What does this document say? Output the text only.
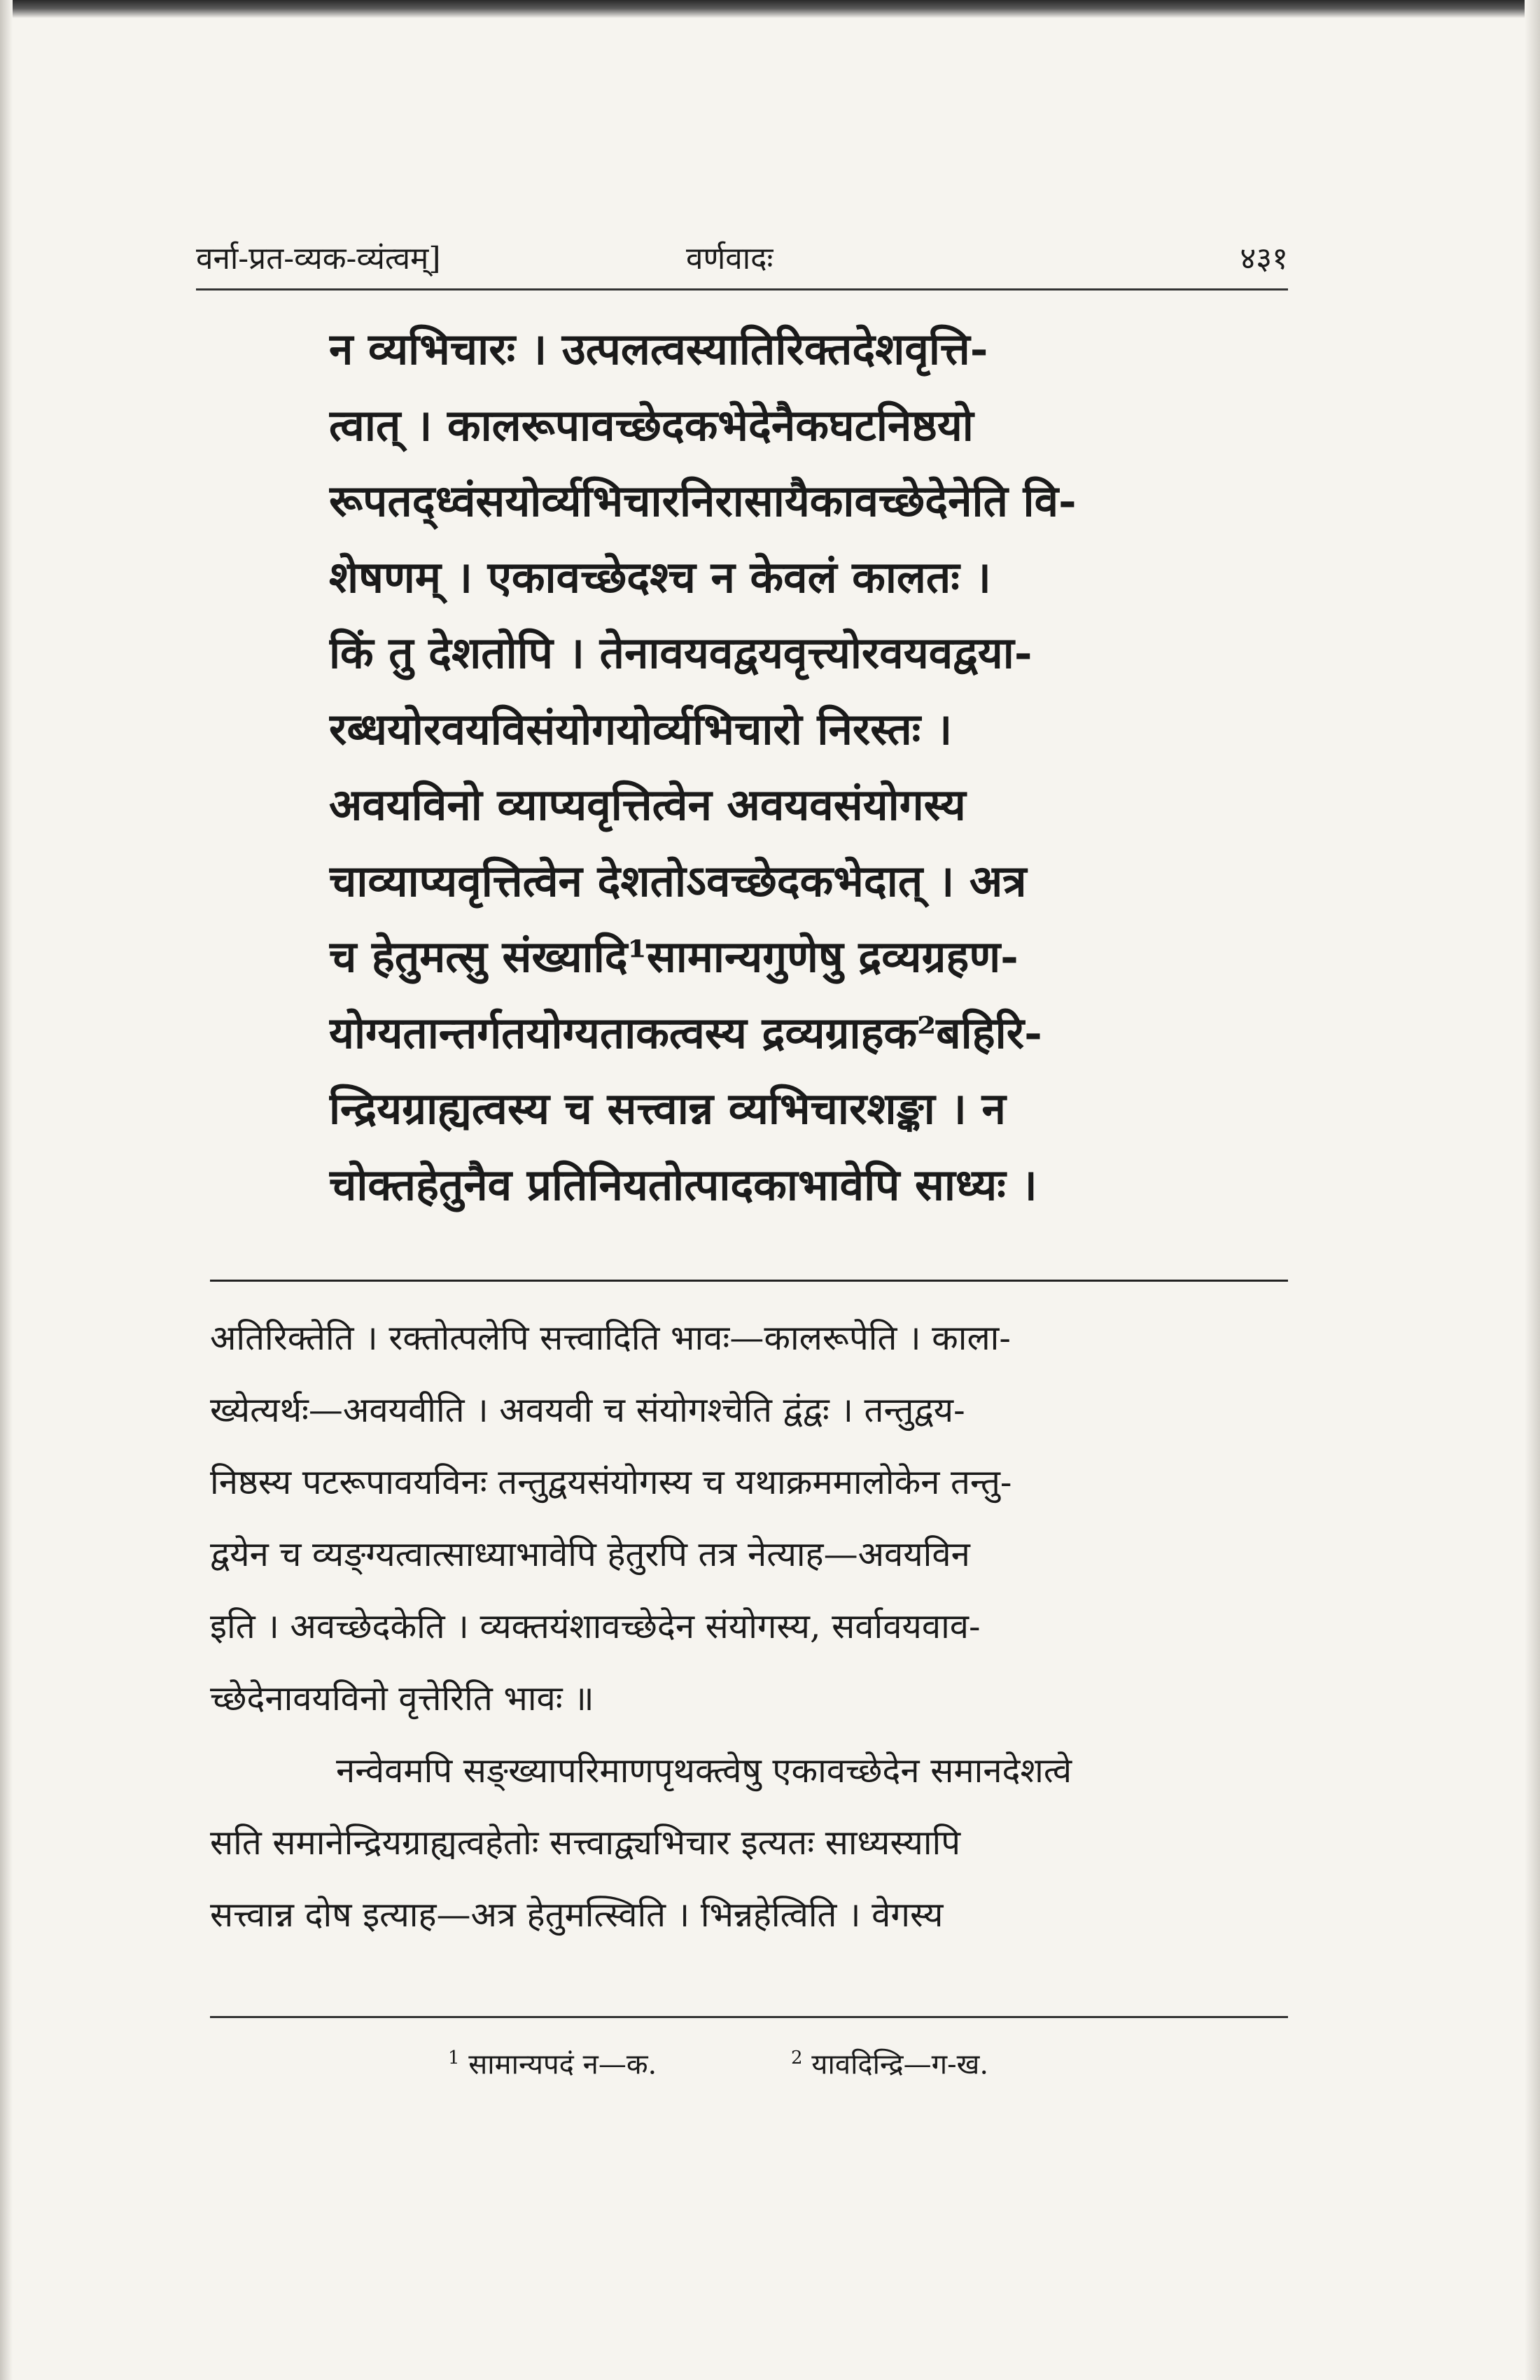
वर्ना-प्रत-व्यक-व्यंत्वम्]	वर्णवादः	४३१
न व्यभिचारः । उत्पलत्वस्यातिरिक्तदेशवृत्ति-
त्वात् । कालरूपावच्छेदकभेदेनैकघटनिष्ठयो
रूपतद्ध्वंसयोर्व्यभिचारनिरासायैकावच्छेदेनेति वि-
शेषणम् । एकावच्छेदश्च न केवलं कालतः ।
किं तु देशतोपि । तेनावयवद्वयवृत्त्योरवयवद्वया-
रब्धयोरवयविसंयोगयोर्व्यभिचारो निरस्तः ।
अवयविनो व्याप्यवृत्तित्वेन अवयवसंयोगस्य
चाव्याप्यवृत्तित्वेन देशतोऽवच्छेदकभेदात् । अत्र
च हेतुमत्सु संख्यादि¹सामान्यगुणेषु द्रव्यग्रहण-
योग्यतान्तर्गतयोग्यताकत्वस्य द्रव्यग्राहक²बहिरि-
न्द्रियग्राह्यत्वस्य च सत्त्वान्न व्यभिचारशङ्का । न
चोक्तहेतुनैव प्रतिनियतोत्पादकाभावेपि साध्यः ।
अतिरिक्तेति । रक्तोत्पलेपि सत्त्वादिति भावः—कालरूपेति । काला-
ख्येत्यर्थः—अवयवीति । अवयवी च संयोगश्चेति द्वंद्वः । तन्तुद्वय-
निष्ठस्य पटरूपावयविनः तन्तुद्वयसंयोगस्य च यथाक्रममालोकेन तन्तु-
द्वयेन च व्यङ्ग्यत्वात्साध्याभावेपि हेतुरपि तत्र नेत्याह—अवयविन
इति । अवच्छेदकेति । व्यक्तयंशावच्छेदेन संयोगस्य, सर्वावयवाव-
च्छेदेनावयविनो वृत्तेरिति भावः ॥
नन्वेवमपि सङ्ख्यापरिमाणपृथक्त्वेषु एकावच्छेदेन समानदेशत्वे
सति समानेन्द्रियग्राह्यत्वहेतोः सत्त्वाद्व्यभिचार इत्यतः साध्यस्यापि
सत्त्वान्न दोष इत्याह—अत्र हेतुमत्स्विति । भिन्नहेत्विति । वेगस्य
$^1$ सामान्यपदं न—क.	$^2$ यावदिन्द्रि—ग-ख.
